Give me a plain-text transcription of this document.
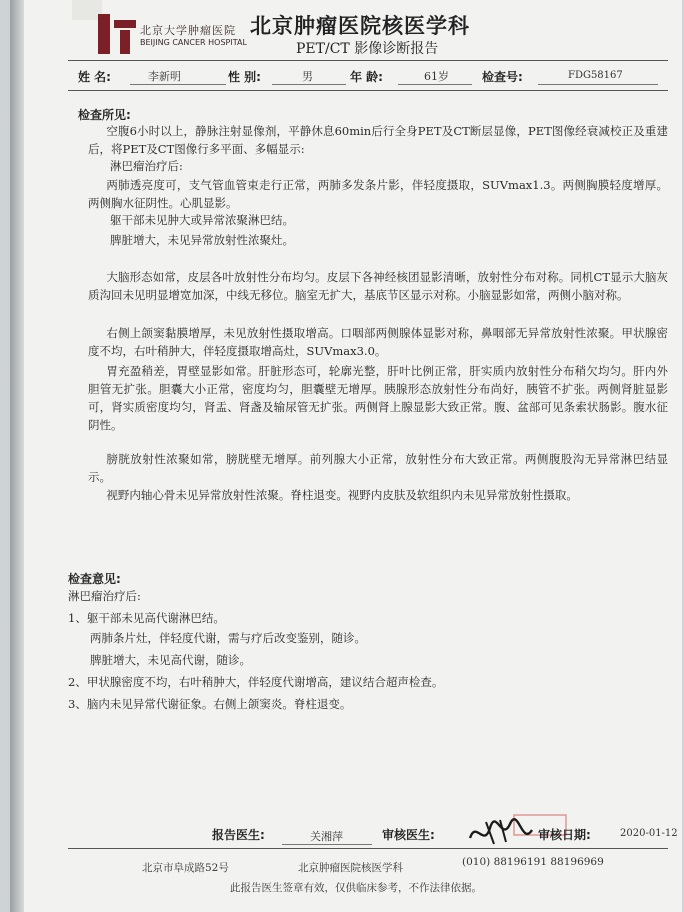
北京大学肿瘤医院
BEIJING CANCER HOSPITAL
北京肿瘤医院核医学科
PET/CT 影像诊断报告
姓 名:	李新明	性 别:	男	年 龄:	61岁	检查号:	FDG58167
检查所见:
空腹6小时以上，静脉注射显像剂，平静休息60min后行全身PET及CT断层显像，PET图像经衰减校正及重建后，将PET及CT图像行多平面、多幅显示:
淋巴瘤治疗后:
两肺透亮度可，支气管血管束走行正常，两肺多发条片影，伴轻度摄取，SUVmax1.3。两侧胸膜轻度增厚。两侧胸水征阴性。心肌显影。
躯干部未见肿大或异常浓聚淋巴结。
脾脏增大，未见异常放射性浓聚灶。
大脑形态如常，皮层各叶放射性分布均匀。皮层下各神经核团显影清晰，放射性分布对称。同机CT显示大脑灰质沟回未见明显增宽加深，中线无移位。脑室无扩大，基底节区显示对称。小脑显影如常，两侧小脑对称。
右侧上颌窦黏膜增厚，未见放射性摄取增高。口咽部两侧腺体显影对称，鼻咽部无异常放射性浓聚。甲状腺密度不均，右叶稍肿大，伴轻度摄取增高灶，SUVmax3.0。
胃充盈稍差，胃壁显影如常。肝脏形态可，轮廓光整，肝叶比例正常，肝实质内放射性分布稍欠均匀。肝内外胆管无扩张。胆囊大小正常，密度均匀，胆囊壁无增厚。胰腺形态放射性分布尚好，胰管不扩张。两侧肾脏显影可，肾实质密度均匀，肾盂、肾盏及输尿管无扩张。两侧肾上腺显影大致正常。腹、盆部可见条索状肠影。腹水征阴性。
膀胱放射性浓聚如常，膀胱壁无增厚。前列腺大小正常，放射性分布大致正常。两侧腹股沟无异常淋巴结显示。
视野内轴心骨未见异常放射性浓聚。脊柱退变。视野内皮肤及软组织内未见异常放射性摄取。
检查意见:
淋巴瘤治疗后:
1、躯干部未见高代谢淋巴结。
两肺条片灶，伴轻度代谢，需与疗后改变鉴别，随诊。
脾脏增大，未见高代谢，随诊。
2、甲状腺密度不均，右叶稍肿大，伴轻度代谢增高，建议结合超声检查。
3、脑内未见异常代谢征象。右侧上颌窦炎。脊柱退变。
报告医生:	关湘萍	审核医生:	谭	审核日期:	2020-01-12
北京市阜成路52号	北京肿瘤医院核医学科	(010) 88196191 88196969
此报告医生签章有效，仅供临床参考，不作法律依据。
